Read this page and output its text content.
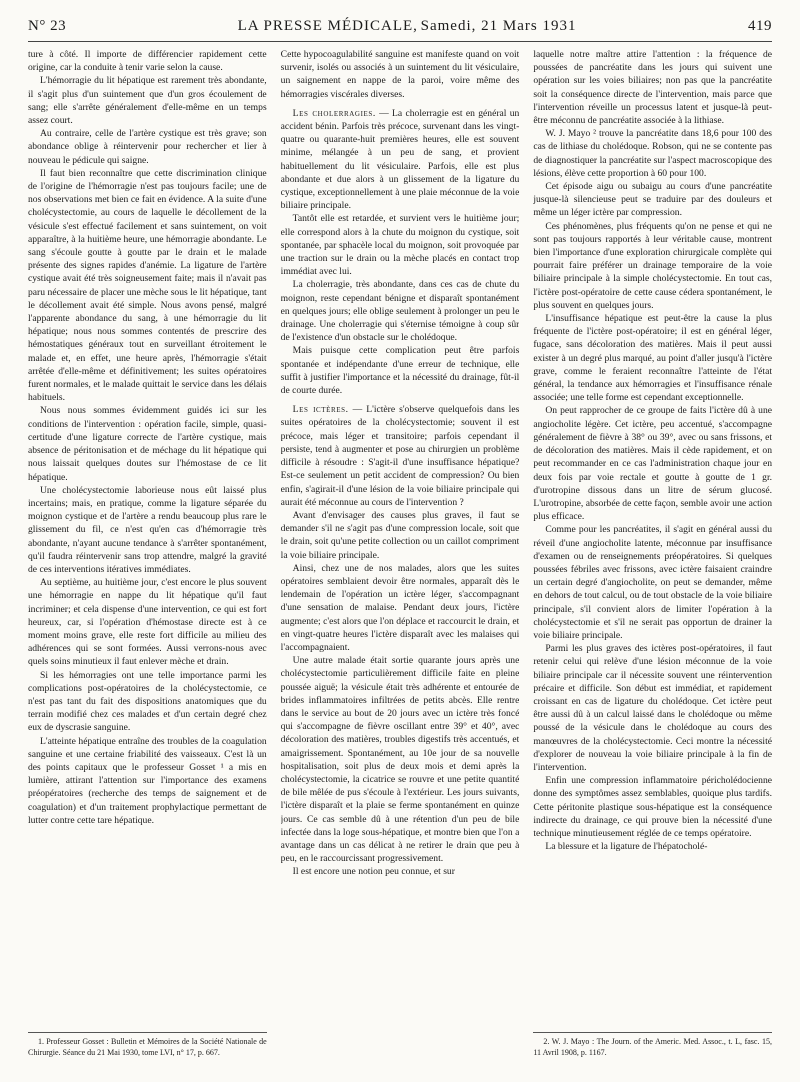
N° 23	LA PRESSE MÉDICALE, Samedi, 21 Mars 1931	419

ture à côté. Il importe de différencier rapidement cette origine, car la conduite à tenir varie selon la cause.

L'hémorragie du lit hépatique est rarement très abondante, il s'agit plus d'un suintement que d'un gros écoulement de sang; elle s'arrête généralement d'elle-même en un temps assez court.

Au contraire, celle de l'artère cystique est très grave; son abondance oblige à réintervenir pour rechercher et lier à nouveau le pédicule qui saigne.

Il faut bien reconnaître que cette discrimination clinique de l'origine de l'hémorragie n'est pas toujours facile; une de nos observations met bien ce fait en évidence. A la suite d'une cholécystectomie, au cours de laquelle le décollement de la vésicule s'est effectué facilement et sans suintement, on voit apparaître, à la huitième heure, une hémorragie abondante. Le sang s'écoule goutte à goutte par le drain et le malade présente des signes rapides d'anémie. La ligature de l'artère cystique avait été très soigneusement faite; mais il n'avait pas paru nécessaire de placer une mèche sous le lit hépatique, tant le décollement avait été simple. Nous avons pensé, malgré l'apparente abondance du sang, à une hémorragie du lit hépatique; nous nous sommes contentés de prescrire des hémostatiques généraux tout en surveillant étroitement le malade et, en effet, une heure après, l'hémorragie s'était arrêtée d'elle-même et définitivement; les suites opératoires furent normales, et le malade quittait le service dans les délais habituels.

Nous nous sommes évidemment guidés ici sur les conditions de l'intervention : opération facile, simple, quasi-certitude d'une ligature correcte de l'artère cystique, mais absence de péritonisation et de méchage du lit hépatique qui nous laissait quelques doutes sur l'hémostase de ce lit hépatique.

Une cholécystectomie laborieuse nous eût laissé plus incertains; mais, en pratique, comme la ligature séparée du moignon cystique et de l'artère a rendu beaucoup plus rare le glissement du fil, ce n'est qu'en cas d'hémorragie très abondante, n'ayant aucune tendance à s'arrêter spontanément, qu'il faudra réintervenir sans trop attendre, malgré la gravité de ces interventions itératives immédiates.

Au septième, au huitième jour, c'est encore le plus souvent une hémorragie en nappe du lit hépatique qu'il faut incriminer; et cela dispense d'une intervention, ce qui est fort heureux, car, si l'opération d'hémostase directe est à ce moment moins grave, elle reste fort difficile au milieu des adhérences qui se sont formées. Aussi verrons-nous avec quels soins minutieux il faut enlever mèche et drain.

Si les hémorragies ont une telle importance parmi les complications post-opératoires de la cholécystectomie, ce n'est pas tant du fait des dispositions anatomiques que du terrain modifié chez ces malades et d'un certain degré chez eux de dyscrasie sanguine.

L'atteinte hépatique entraîne des troubles de la coagulation sanguine et une certaine friabilité des vaisseaux. C'est là un des points capitaux que le professeur Gosset ¹ a mis en lumière, attirant l'attention sur l'importance des examens préopératoires (recherche des temps de saignement et de coagulation) et d'un traitement prophylactique permettant de lutter contre cette tare hépatique.

1. Professeur Gosset : Bulletin et Mémoires de la Société Nationale de Chirurgie. Séance du 21 Mai 1930, tome LVI, n° 17, p. 667.

Cette hypocoagulabilité sanguine est manifeste quand on voit survenir, isolés ou associés à un suintement du lit vésiculaire, un saignement en nappe de la paroi, voire même des hémorragies viscérales diverses.

Les cholerragies. — La cholerragie est en général un accident bénin. Parfois très précoce, survenant dans les vingt-quatre ou quarante-huit premières heures, elle est souvent minime, mélangée à un peu de sang, et provient habituellement du lit vésiculaire. Parfois, elle est plus abondante et due alors à un glissement de la ligature du cystique, exceptionnellement à une plaie méconnue de la voie biliaire principale.

Tantôt elle est retardée, et survient vers le huitième jour; elle correspond alors à la chute du moignon du cystique, soit spontanée, par sphacèle local du moignon, soit provoquée par une traction sur le drain ou la mèche placés en contact trop immédiat avec lui.

La cholerragie, très abondante, dans ces cas de chute du moignon, reste cependant bénigne et disparaît spontanément en quelques jours; elle oblige seulement à prolonger un peu le drainage. Une cholerragie qui s'éternise témoigne à coup sûr de l'existence d'un obstacle sur le cholédoque.

Mais puisque cette complication peut être parfois spontanée et indépendante d'une erreur de technique, elle suffit à justifier l'importance et la nécessité du drainage, fût-il de courte durée.

Les ictères. — L'ictère s'observe quelquefois dans les suites opératoires de la cholécystectomie; souvent il est précoce, mais léger et transitoire; parfois cependant il persiste, tend à augmenter et pose au chirurgien un problème difficile à résoudre : S'agit-il d'une insuffisance hépatique? Est-ce seulement un petit accident de compression? Ou bien enfin, s'agirait-il d'une lésion de la voie biliaire principale qui aurait été méconnue au cours de l'intervention ?

Avant d'envisager des causes plus graves, il faut se demander s'il ne s'agit pas d'une compression locale, soit que le drain, soit qu'une petite collection ou un caillot compriment la voie biliaire principale.

Ainsi, chez une de nos malades, alors que les suites opératoires semblaient devoir être normales, apparaît dès le lendemain de l'opération un ictère léger, s'accompagnant d'une sensation de malaise. Pendant deux jours, l'ictère augmente; c'est alors que l'on déplace et raccourcit le drain, et en vingt-quatre heures l'ictère disparaît avec les malaises qui l'accompagnaient.

Une autre malade était sortie quarante jours après une cholécystectomie particulièrement difficile faite en pleine poussée aiguë; la vésicule était très adhérente et entourée de brides inflammatoires infiltrées de petits abcès. Elle rentre dans le service au bout de 20 jours avec un ictère très foncé qui s'accompagne de fièvre oscillant entre 39° et 40°, avec décoloration des matières, troubles digestifs très accentués, et amaigrissement. Spontanément, au 10e jour de sa nouvelle hospitalisation, soit plus de deux mois et demi après la cholécystectomie, la cicatrice se rouvre et une petite quantité de bile mêlée de pus s'écoule à l'extérieur. Les jours suivants, l'ictère disparaît et la plaie se ferme spontanément en quinze jours. Ce cas semble dû à une rétention d'un peu de bile infectée dans la loge sous-hépatique, et montre bien que l'on a avantage dans un cas délicat à ne retirer le drain que peu à peu, en le raccourcissant progressivement.

Il est encore une notion peu connue, et sur

laquelle notre maître attire l'attention : la fréquence de poussées de pancréatite dans les jours qui suivent une opération sur les voies biliaires; non pas que la pancréatite soit la conséquence directe de l'intervention, mais parce que l'intervention réveille un processus latent et jusque-là peut-être méconnu de pancréatite associée à la lithiase.

W. J. Mayo ² trouve la pancréatite dans 18,6 pour 100 des cas de lithiase du cholédoque. Robson, qui ne se contente pas de diagnostiquer la pancréatite sur l'aspect macroscopique des lésions, élève cette proportion à 60 pour 100.

Cet épisode aigu ou subaigu au cours d'une pancréatite jusque-là silencieuse peut se traduire par des douleurs et même un léger ictère par compression.

Ces phénomènes, plus fréquents qu'on ne pense et qui ne sont pas toujours rapportés à leur véritable cause, montrent bien l'importance d'une exploration chirurgicale complète qui pourrait faire préférer un drainage temporaire de la voie biliaire principale à la simple cholécystectomie. En tout cas, l'ictère post-opératoire de cette cause cédera spontanément, le plus souvent en quelques jours.

L'insuffisance hépatique est peut-être la cause la plus fréquente de l'ictère post-opératoire; il est en général léger, fugace, sans décoloration des matières. Mais il peut aussi exister à un degré plus marqué, au point d'aller jusqu'à l'ictère grave, comme le feraient reconnaître l'atteinte de l'état général, la tendance aux hémorragies et l'insuffisance rénale associée; une telle forme est cependant exceptionnelle.

On peut rapprocher de ce groupe de faits l'ictère dû à une angiocholite légère. Cet ictère, peu accentué, s'accompagne généralement de fièvre à 38° ou 39°, avec ou sans frissons, et de décoloration des matières. Mais il cède rapidement, et on peut recommander en ce cas l'administration chaque jour en deux fois par voie rectale et goutte à goutte de 1 gr. d'urotropine dissous dans un litre de sérum glucosé. L'urotropine, absorbée de cette façon, semble avoir une action plus efficace.

Comme pour les pancréatites, il s'agit en général aussi du réveil d'une angiocholite latente, méconnue par insuffisance d'examen ou de renseignements préopératoires. Si quelques poussées fébriles avec frissons, avec ictère faisaient craindre un certain degré d'angiocholite, on peut se demander, même en dehors de tout calcul, ou de tout obstacle de la voie biliaire principale, s'il convient alors de limiter l'opération à la cholécystectomie et s'il ne serait pas opportun de drainer la voie biliaire principale.

Parmi les plus graves des ictères post-opératoires, il faut retenir celui qui relève d'une lésion méconnue de la voie biliaire principale car il nécessite souvent une réintervention précaire et difficile. Son début est immédiat, et rapidement croissant en cas de ligature du cholédoque. Cet ictère peut être aussi dû à un calcul laissé dans le cholédoque ou même poussé de la vésicule dans le cholédoque au cours des manœuvres de la cholécystectomie. Ceci montre la nécessité d'explorer de nouveau la voie biliaire principale à la fin de l'intervention.

Enfin une compression inflammatoire péricholédocienne donne des symptômes assez semblables, quoique plus tardifs. Cette péritonite plastique sous-hépatique est la conséquence indirecte du drainage, ce qui prouve bien la nécessité d'une technique minutieusement réglée de ce temps opératoire.

La blessure et la ligature de l'hépatocholé-

2. W. J. Mayo : The Journ. of the Americ. Med. Assoc., t. L, fasc. 15, 11 Avril 1908, p. 1167.
